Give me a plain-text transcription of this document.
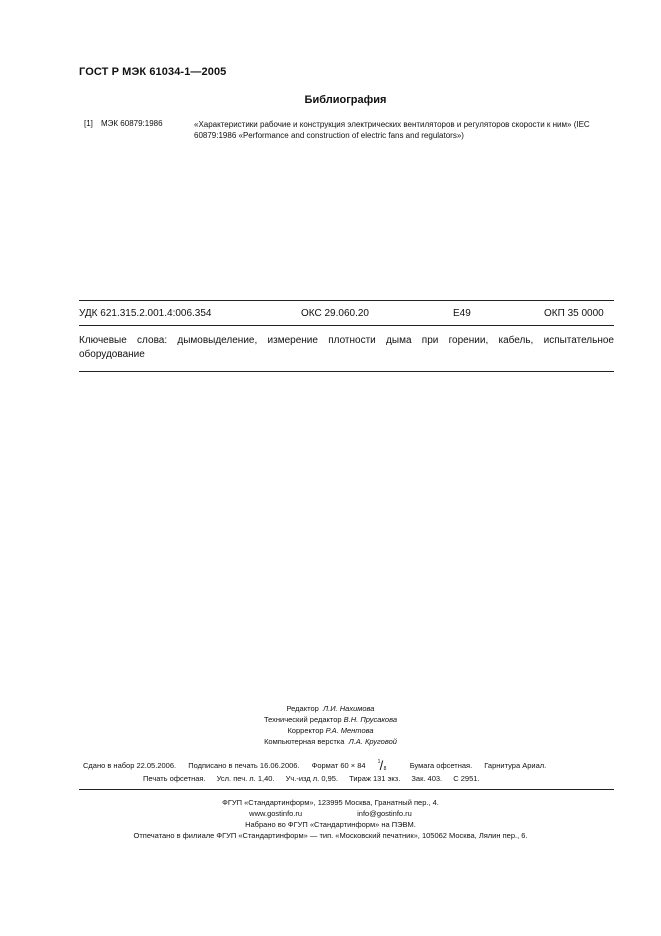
ГОСТ Р МЭК 61034-1—2005
Библиография
[1] МЭК 60879:1986	«Характеристики рабочие и конструкция электрических вентиляторов и регуляторов скорости к ним» (IEC 60879:1986 «Performance and construction of electric fans and regulators»)
УДК 621.315.2.001.4:006.354	ОКС 29.060.20	Е49	ОКП 35 0000
Ключевые слова: дымовыделение, измерение плотности дыма при горении, кабель, испытательное оборудование
Редактор Л.И. Нахимова
Технический редактор В.Н. Прусакова
Корректор Р.А. Ментова
Компьютерная верстка Л.А. Круговой
Сдано в набор 22.05.2006. Подписано в печать 16.06.2006. Формат 60 × 84 /
1
8	Бумага офсетная. Гарнитура Ариал.
Печать офсетная. Усл. печ. л. 1,40. Уч.-изд л. 0,95. Тираж 131 экз. Зак. 403. С 2951.
ФГУП «Стандартинформ», 123995 Москва, Гранатный пер., 4.
www.gostinfo.ru	info@gostinfo.ru
Набрано во ФГУП «Стандартинформ» на ПЭВМ.
Отпечатано в филиале ФГУП «Стандартинформ» — тип. «Московский печатник», 105062 Москва, Лялин пер., 6.
